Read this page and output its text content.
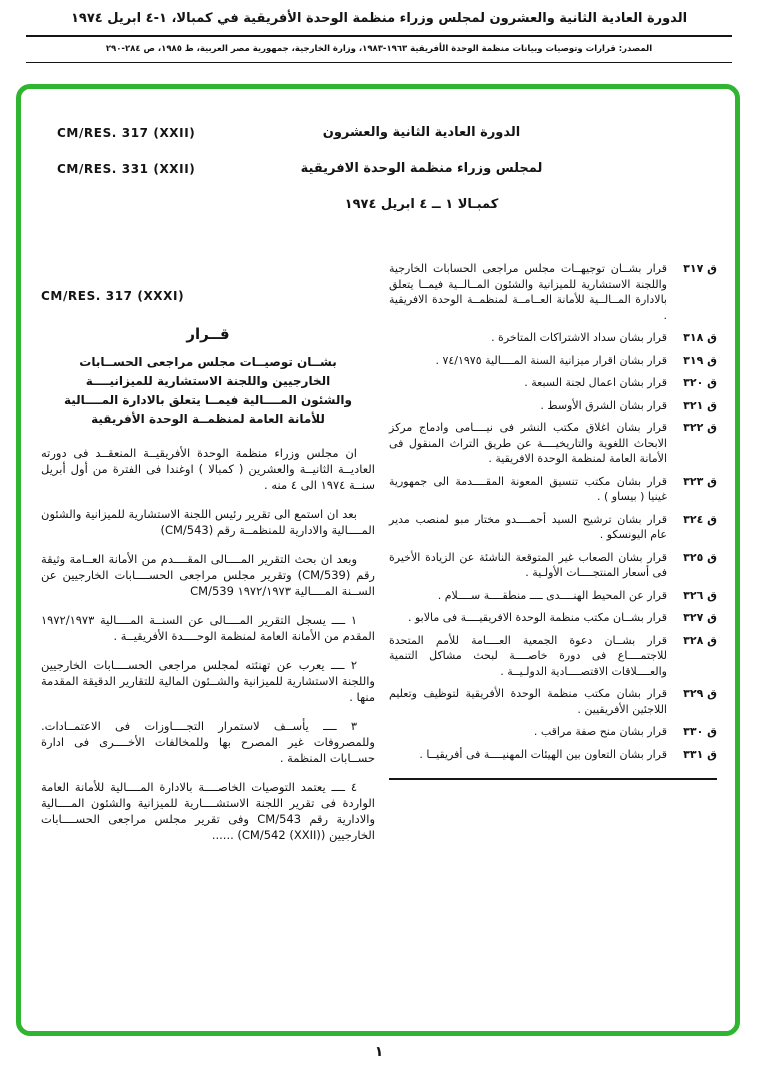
الدورة العادية الثانية والعشرون لمجلس وزراء منظمة الوحدة الأفريقية في كمبالا، ١-٤ ابريل ١٩٧٤
المصدر: قرارات وتوصيات وبيانات منظمة الوحدة الأفريقية ١٩٦٣-١٩٨٣، وزارة الخارجية، جمهورية مصر العربية، ط ١٩٨٥، ص ٢٨٤-٢٩٠
CM/RES. 317 (XXII)
CM/RES. 331 (XXII)
الدورة العادية الثانية والعشرون
لمجلس وزراء منظمة الوحدة الافريقية
كمبـالا ١ ــ ٤ ابريل ١٩٧٤
ق ٣١٧
قرار بشــان توجيهــات مجلس مراجعى الحسابات الخارجية واللجنة الاستشارية للميزانية والشئون المــالــية فيمــا يتعلق بالادارة المــالــية للأمانة العــامــة لمنظمــة الوحدة الافريقية .
ق ٣١٨
قرار بشان سداد الاشتراكات المتاخرة .
ق ٣١٩
قرار بشان اقرار ميزانية السنة المــــالية ٧٤/١٩٧٥ .
ق ٣٢٠
قرار بشان اعمال لجنة السبعة .
ق ٣٢١
قرار بشان الشرق الأوسط .
ق ٣٢٢
قرار بشان اغلاق مكتب النشر فى نيــــامى وادماج مركز الابحاث اللغوية والتاريخيــــة عن طريق التراث المنقول فى الأمانة العامة لمنظمة الوحدة الافريقية .
ق ٣٢٣
قرار بشان مكتب تنسيق المعونة المقــــدمة الى جمهورية غينيا ( بيساو ) .
ق ٣٢٤
قرار بشان ترشيح السيد أحمــــدو مختار مبو لمنصب مدير عام اليونسكو .
ق ٣٢٥
قرار بشان الصعاب غير المتوقعة الناشئة عن الزيادة الأخيرة فى أسعار المنتجــــات الأولـية .
ق ٣٢٦
قرار عن المحيط الهنــــدى ــــ منطقــــة ســــلام .
ق ٣٢٧
قرار بشــان مكتب منظمة الوحدة الافريقيــــة فى مالابو .
ق ٣٢٨
قرار بشــان دعوة الجمعية العــــامة للأمم المتحدة للاجتمــــاع فى دورة خاصــــة لبحث مشاكل التنمية والعــــلاقات الاقتصــــادية الدولـيــة .
ق ٣٢٩
قرار بشان مكتب منظمة الوحدة الأفريقية لتوظيف وتعليم اللاجئين الأفريقيين .
ق ٣٣٠
قرار بشان منح صفة مراقب .
ق ٣٣١
قرار بشان التعاون بين الهيئات المهنيــــة فى أفريقيــا .
CM/RES. 317 (XXXI)
قــرار
بشــان توصيــات مجلس مراجعى الحســابات
الخارجيين واللجنة الاستشارية للميزانيــــة
والشئون المــــالية فيمــا يتعلق بالادارة المــــالية
للأمانة العامة لمنظمــة الوحدة الأفريقية

ان مجلس وزراء منظمة الوحدة الأفريقيــة المنعقــد فى دورته العاديــة الثانيــة والعشرين ( كمبالا ) اوغندا فى الفترة من أول أبريل سنــة ١٩٧٤ الى ٤ منه .

بعد ان استمع الى تقرير رئيس اللجنة الاستشارية للميزانية والشئون المــــالية والادارية للمنظمــة رقم (CM/543)

وبعد ان بحث التقرير المــــالى المقــــدم من الأمانة العــامة وثيقة رقم (CM/539) وتقرير مجلس مراجعى الحســــابات الخارجيين عن الســنة المــــالية ١٩٧٢/١٩٧٣ CM/539

١ ــــ يسجل التقرير المــــالى عن السنــة المــــالية ١٩٧٢/١٩٧٣ المقدم من الأمانة العامة لمنظمة الوحــــدة الأفريقيــة .

٢ ــــ يعرب عن تهنئته لمجلس مراجعى الحســــابات الخارجيين واللجنة الاستشارية للميزانية والشــئون المالية للتقارير الدقيقة المقدمة منها .

٣ ــــ يأســف لاستمرار التجــــاوزات فى الاعتمــادات. وللمصروفات غير المصرح بها وللمخالفات الأخــــرى فى ادارة حســابات المنظمة .

٤ ــــ يعتمد التوصيات الخاصــــة بالادارة المــــالية للأمانة العامة الواردة فى تقرير اللجنة الاستشــــارية للميزانية والشئون المــــالية والادارية رقم CM/543 وفى تقرير مجلس مراجعى الحســــابات الخارجيين (CM/542 (XXII)) ......

١
